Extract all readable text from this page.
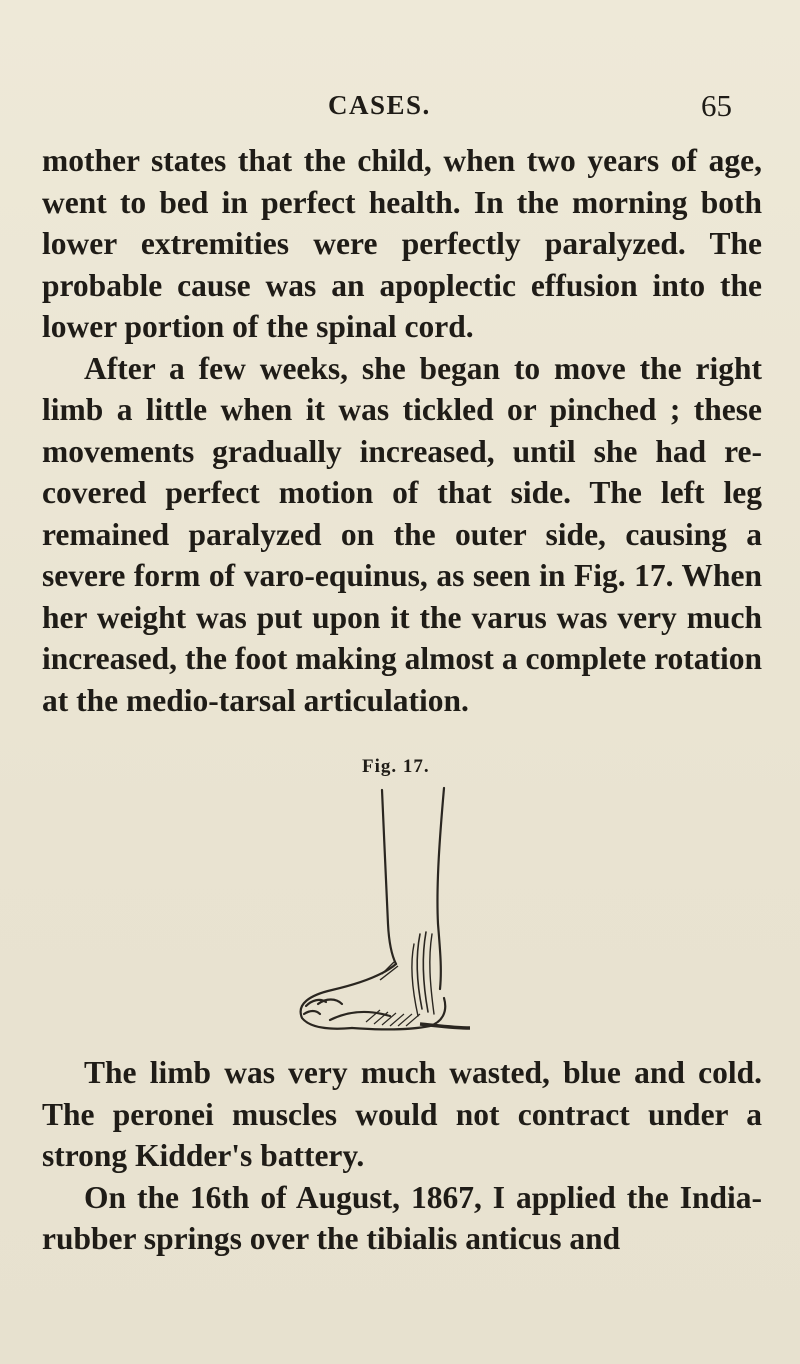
CASES.	65

mother states that the child, when two years of age, went to bed in perfect health. In the morning both lower extremities were perfectly paralyzed. The probable cause was an apoplectic effusion into the lower portion of the spinal cord.

After a few weeks, she began to move the right limb a little when it was tickled or pinched ; these movements gradually increased, until she had recovered perfect motion of that side. The left leg remained paralyzed on the outer side, causing a severe form of varo-equinus, as seen in Fig. 17. When her weight was put upon it the varus was very much increased, the foot making almost a complete rotation at the medio-tarsal articulation.

Fig. 17.

The limb was very much wasted, blue and cold. The peronei muscles would not contract under a strong Kidder's battery.

On the 16th of August, 1867, I applied the India-rubber springs over the tibialis anticus and
